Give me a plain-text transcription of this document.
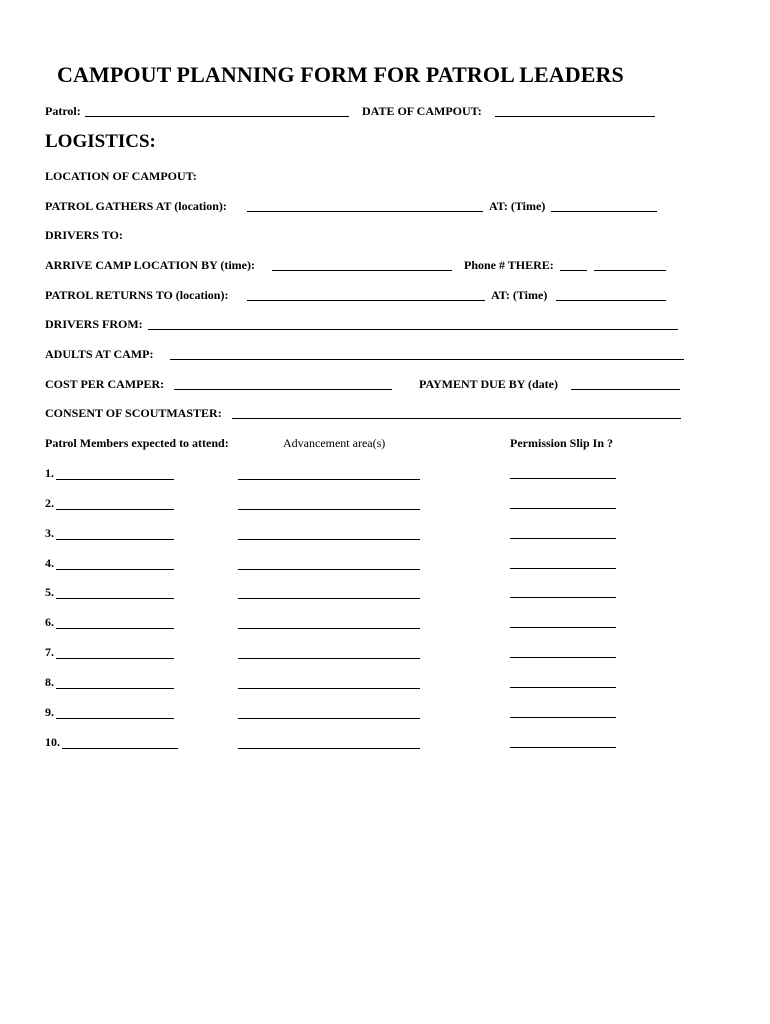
CAMPOUT PLANNING FORM FOR PATROL LEADERS
Patrol:	DATE OF CAMPOUT:
LOGISTICS:
LOCATION OF CAMPOUT:
PATROL GATHERS AT (location):	AT: (Time)
DRIVERS TO:
ARRIVE CAMP LOCATION BY (time):	Phone # THERE:
PATROL RETURNS TO (location):	AT: (Time)
DRIVERS FROM:
ADULTS AT CAMP:
COST PER CAMPER:	PAYMENT DUE BY (date)
CONSENT OF SCOUTMASTER:
Patrol Members expected to attend:	Advancement area(s)	Permission Slip In ?
1.
2.
3.
4.
5.
6.
7.
8.
9.
10.
